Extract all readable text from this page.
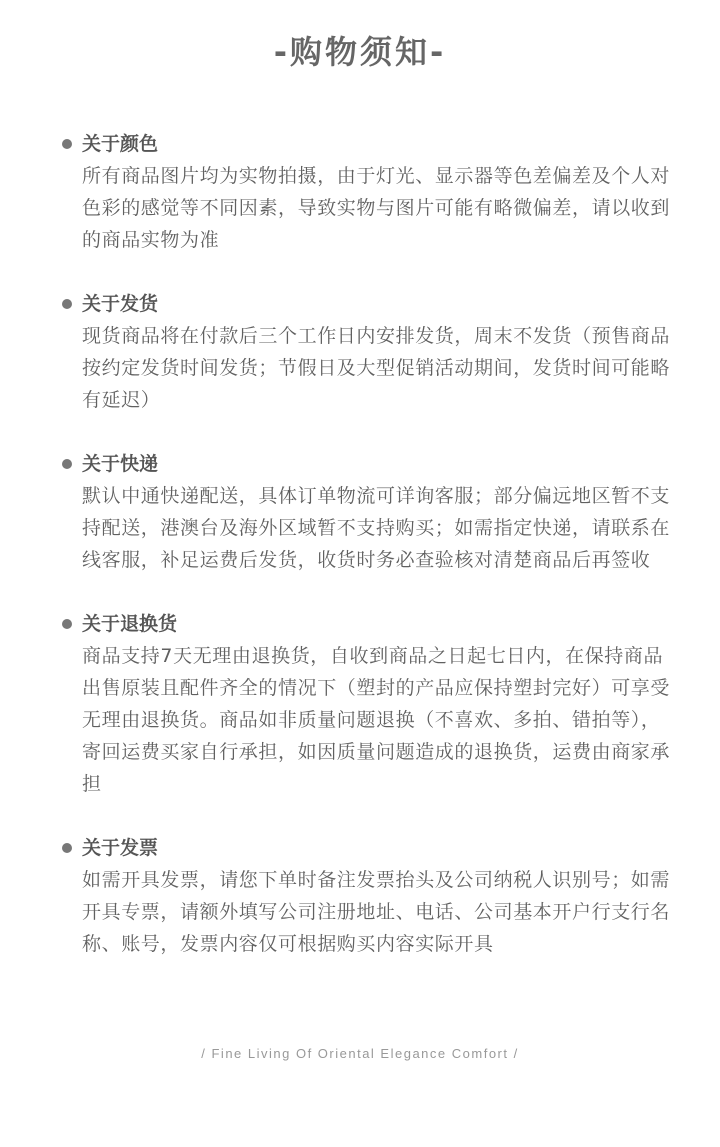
-购物须知-
关于颜色
所有商品图片均为实物拍摄，由于灯光、显示器等色差偏差及个人对色彩的感觉等不同因素，导致实物与图片可能有略微偏差，请以收到的商品实物为准
关于发货
现货商品将在付款后三个工作日内安排发货，周末不发货（预售商品按约定发货时间发货；节假日及大型促销活动期间，发货时间可能略有延迟）
关于快递
默认中通快递配送，具体订单物流可详询客服；部分偏远地区暂不支持配送，港澳台及海外区域暂不支持购买；如需指定快递，请联系在线客服，补足运费后发货，收货时务必查验核对清楚商品后再签收
关于退换货
商品支持7天无理由退换货，自收到商品之日起七日内，在保持商品出售原装且配件齐全的情况下（塑封的产品应保持塑封完好）可享受无理由退换货。商品如非质量问题退换（不喜欢、多拍、错拍等），寄回运费买家自行承担，如因质量问题造成的退换货，运费由商家承担
关于发票
如需开具发票，请您下单时备注发票抬头及公司纳税人识别号；如需开具专票，请额外填写公司注册地址、电话、公司基本开户行支行名称、账号，发票内容仅可根据购买内容实际开具
/ Fine Living Of Oriental Elegance Comfort /
